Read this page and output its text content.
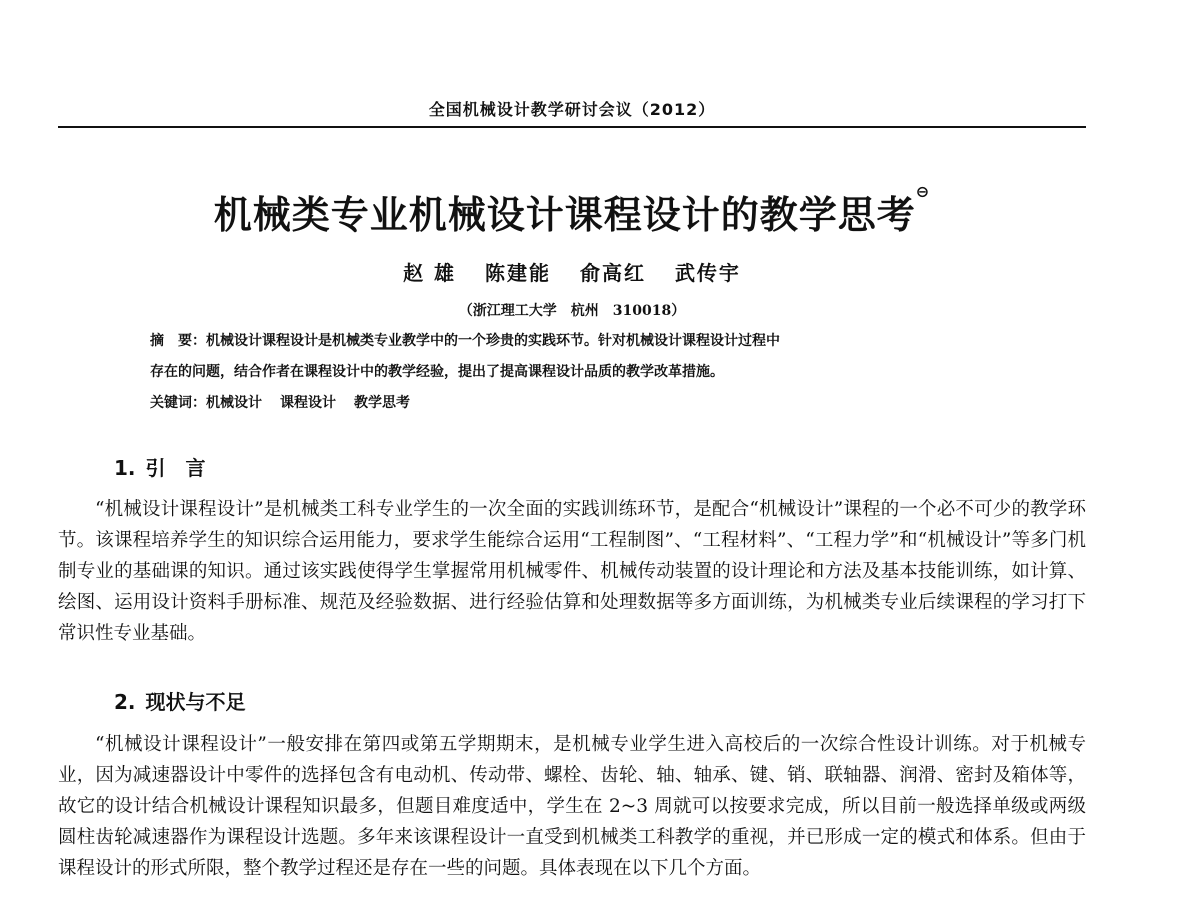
全国机械设计教学研讨会议（2012）
机械类专业机械设计课程设计的教学思考⊖
赵 雄 陈建能 俞高红 武传宇
（浙江理工大学　杭州　310018）
摘　要：机械设计课程设计是机械类专业教学中的一个珍贵的实践环节。针对机械设计课程设计过程中
存在的问题，结合作者在课程设计中的教学经验，提出了提高课程设计品质的教学改革措施。
关键词：机械设计 课程设计 教学思考
1. 引　言
“机械设计课程设计”是机械类工科专业学生的一次全面的实践训练环节，是配合“机械设计”课程的一个必不可少的教学环节。该课程培养学生的知识综合运用能力，要求学生能综合运用“工程制图”、“工程材料”、“工程力学”和“机械设计”等多门机制专业的基础课的知识。通过该实践使得学生掌握常用机械零件、机械传动装置的设计理论和方法及基本技能训练，如计算、绘图、运用设计资料手册标准、规范及经验数据、进行经验估算和处理数据等多方面训练，为机械类专业后续课程的学习打下常识性专业基础。
2. 现状与不足
“机械设计课程设计”一般安排在第四或第五学期期末，是机械专业学生进入高校后的一次综合性设计训练。对于机械专业，因为减速器设计中零件的选择包含有电动机、传动带、螺栓、齿轮、轴、轴承、键、销、联轴器、润滑、密封及箱体等，故它的设计结合机械设计课程知识最多，但题目难度适中，学生在 2~3 周就可以按要求完成，所以目前一般选择单级或两级圆柱齿轮减速器作为课程设计选题。多年来该课程设计一直受到机械类工科教学的重视，并已形成一定的模式和体系。但由于课程设计的形式所限，整个教学过程还是存在一些的问题。具体表现在以下几个方面。
